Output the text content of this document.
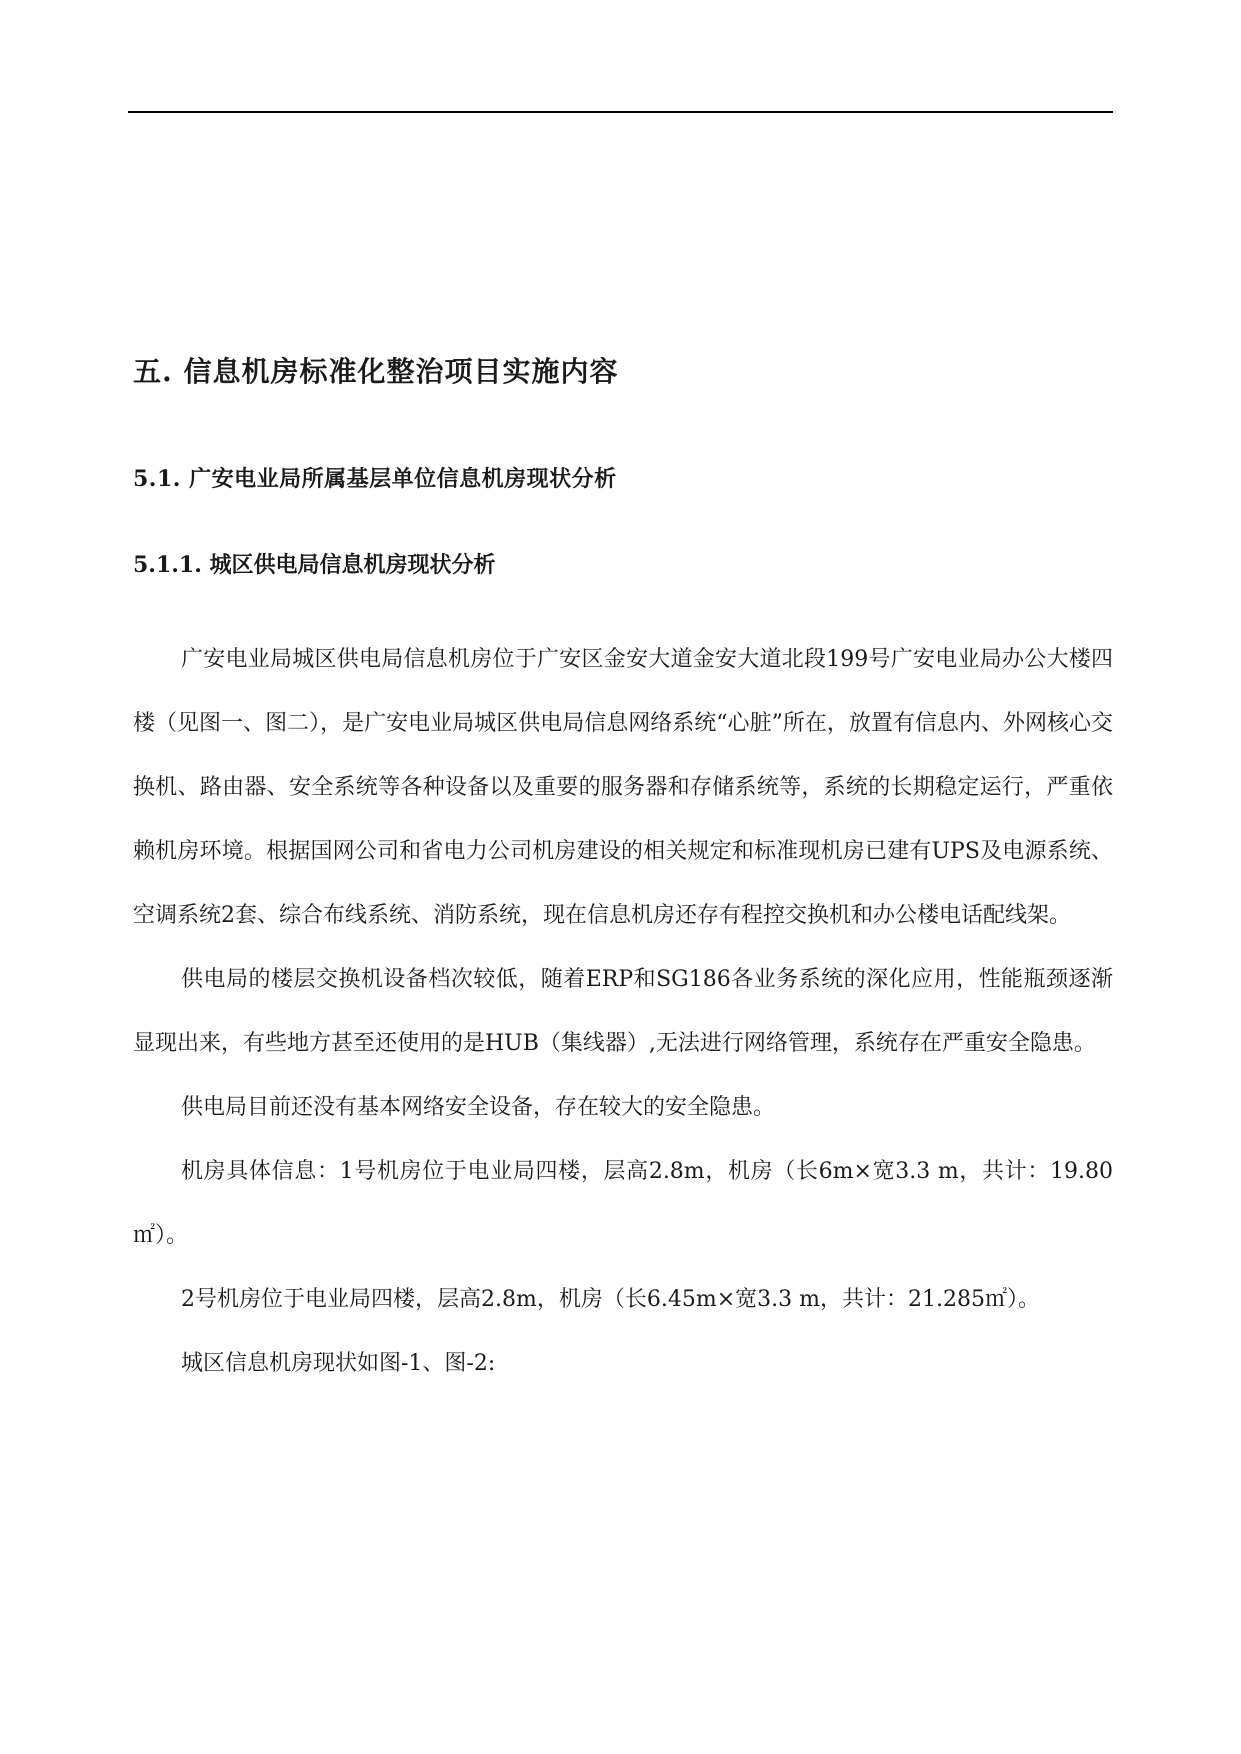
五. 信息机房标准化整治项目实施内容
5.1. 广安电业局所属基层单位信息机房现状分析
5.1.1. 城区供电局信息机房现状分析

广安电业局城区供电局信息机房位于广安区金安大道金安大道北段199号广安电业局办公大楼四楼（见图一、图二），是广安电业局城区供电局信息网络系统“心脏”所在，放置有信息内、外网核心交换机、路由器、安全系统等各种设备以及重要的服务器和存储系统等，系统的长期稳定运行，严重依赖机房环境。根据国网公司和省电力公司机房建设的相关规定和标准现机房已建有UPS及电源系统、空调系统2套、综合布线系统、消防系统，现在信息机房还存有程控交换机和办公楼电话配线架。

供电局的楼层交换机设备档次较低，随着ERP和SG186各业务系统的深化应用，性能瓶颈逐渐显现出来，有些地方甚至还使用的是HUB（集线器）,无法进行网络管理，系统存在严重安全隐患。

供电局目前还没有基本网络安全设备，存在较大的安全隐患。

机房具体信息：1号机房位于电业局四楼，层高2.8m，机房（长6m×宽3.3 m，共计：19.80㎡）。

2号机房位于电业局四楼，层高2.8m，机房（长6.45m×宽3.3 m，共计：21.285㎡）。

城区信息机房现状如图-1、图-2:
